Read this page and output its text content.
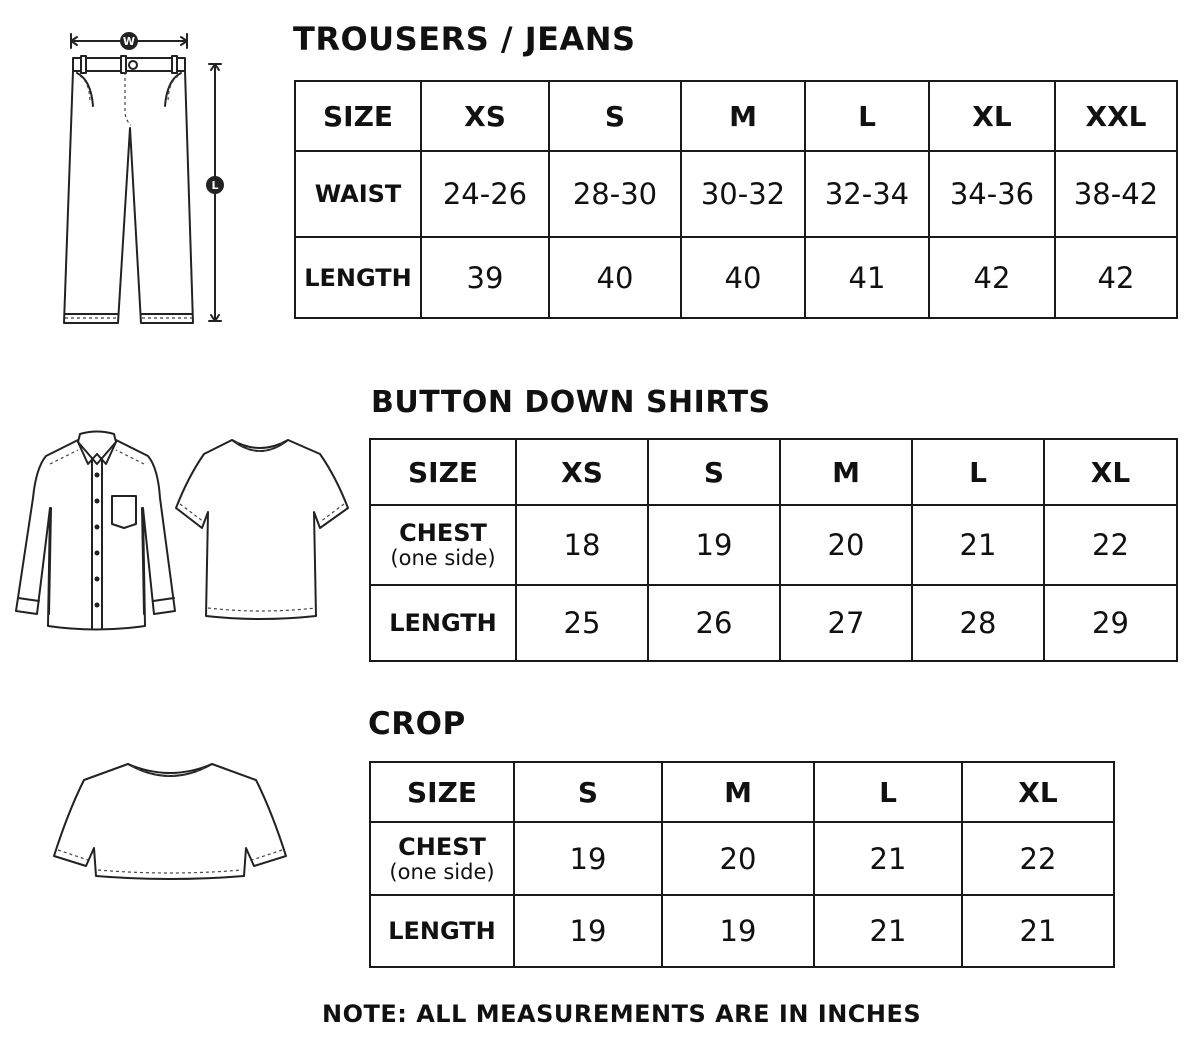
W
L
TROUSERS / JEANS
SIZE	XS	S	M	L	XL	XXL
WAIST	24-26	28-30	30-32	32-34	34-36	38-42
LENGTH	39	40	40	41	42	42
BUTTON DOWN SHIRTS
SIZE	XS	S	M	L	XL

CHEST
(one side)	18	19	20	21	22
LENGTH	25	26	27	28	29
CROP
SIZE	S	M	L	XL

CHEST
(one side)	19	20	21	22
LENGTH	19	19	21	21

NOTE: ALL MEASUREMENTS ARE IN INCHES
